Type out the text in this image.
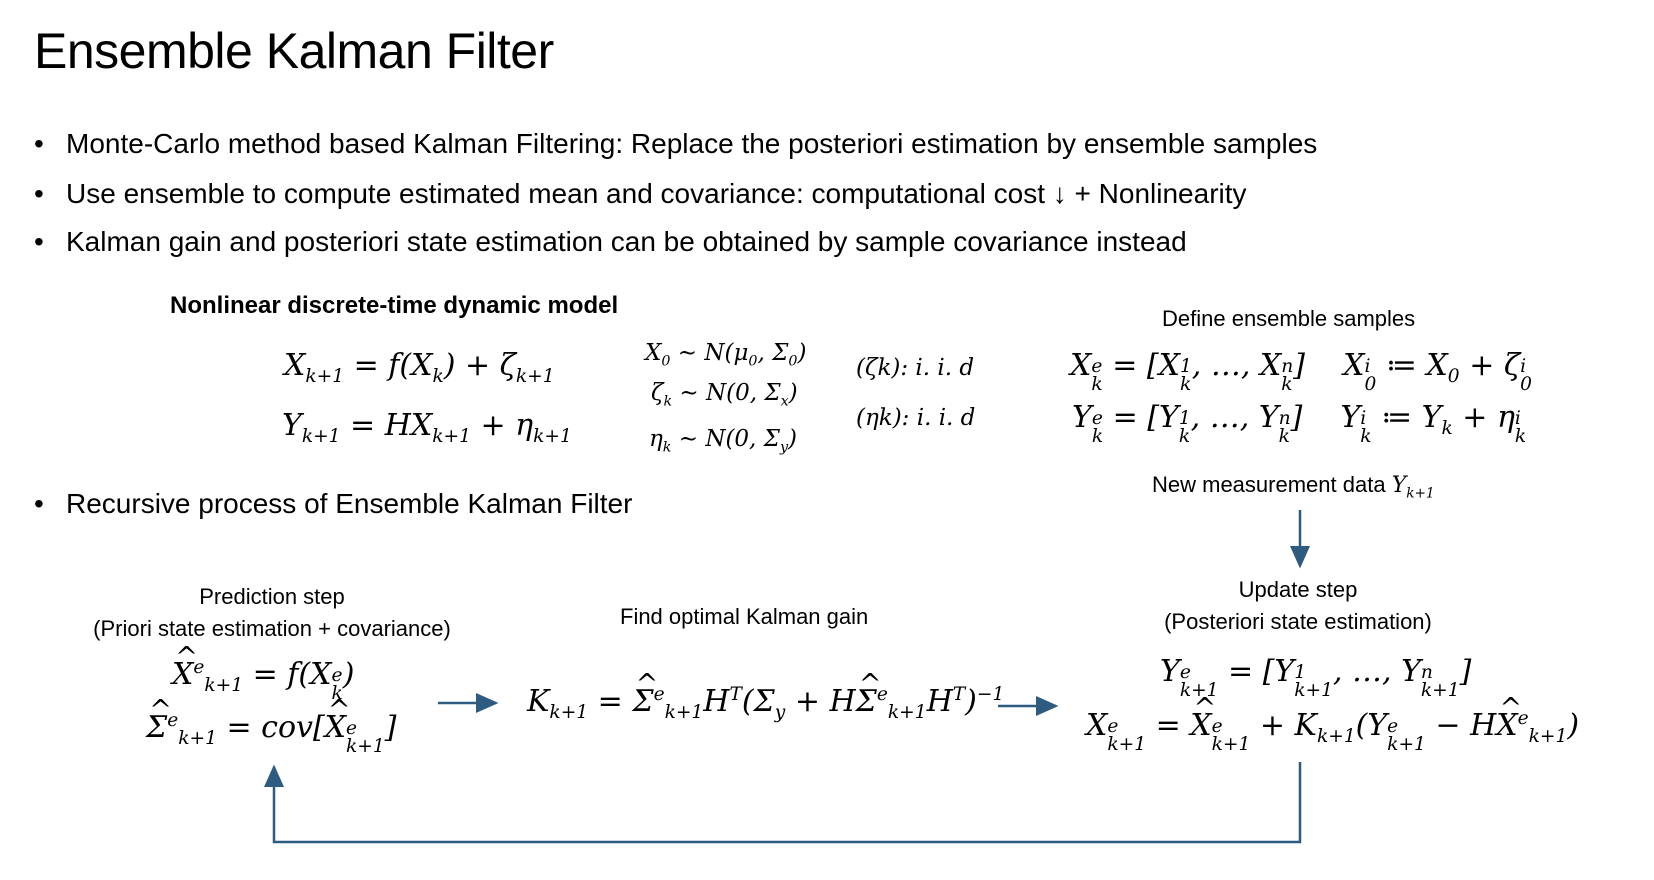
Ensemble Kalman Filter
• Monte-Carlo method based Kalman Filtering: Replace the posteriori estimation by ensemble samples
• Use ensemble to compute estimated mean and covariance: computational cost ↓ + Nonlinearity
• Kalman gain and posteriori state estimation can be obtained by sample covariance instead
Nonlinear discrete-time dynamic model	Define ensemble samples
$X_{k+1} = f(X_k) + \zeta_{k+1}$
$Y_{k+1} = HX_{k+1} + \eta_{k+1}$
$X_0$ ∼ $N(\mu_0$, $\Sigma_0$)
$\zeta_k$ ∼ N(0, $\Sigma_x$)
$\eta_k$ ∼ N(0, $\Sigma_y$)
(ζk): i. i. d
(ηk): i. i. d
X e
k
= [X 1
k
, …, X n
k
]    X i
0
≔ $X_0 + \zeta$ i
0
Y e
k
= [Y 1
k
, …, Y n
k
]    Y i
k
≔ $Y_k + \eta$ i
k
• Recursive process of Ensemble Kalman Filter
New measurement data $Y_{k+1}$
Prediction step
(Priori state estimation + covariance)	Find optimal Kalman gain
Update step
(Posteriori state estimation)
^ $X^e_{k+1} = f(X$ e
k
)
^ $\Sigma^e_{k+1}$ = cov[^ X e
k+1
]
$K_{k+1}$ = ^ $\Sigma^e_{k+1}H^T(\Sigma_y$ + H^ $\Sigma^e_{k+1}H^T)^{-1}$
Y e
k+1
= [Y 1
k+1
, …, Y n
k+1
]
X e
k+1
= ^ X e
k+1
+ $K_{k+1}(Y$ e
k+1
− H^ $X^e_{k+1}$)
